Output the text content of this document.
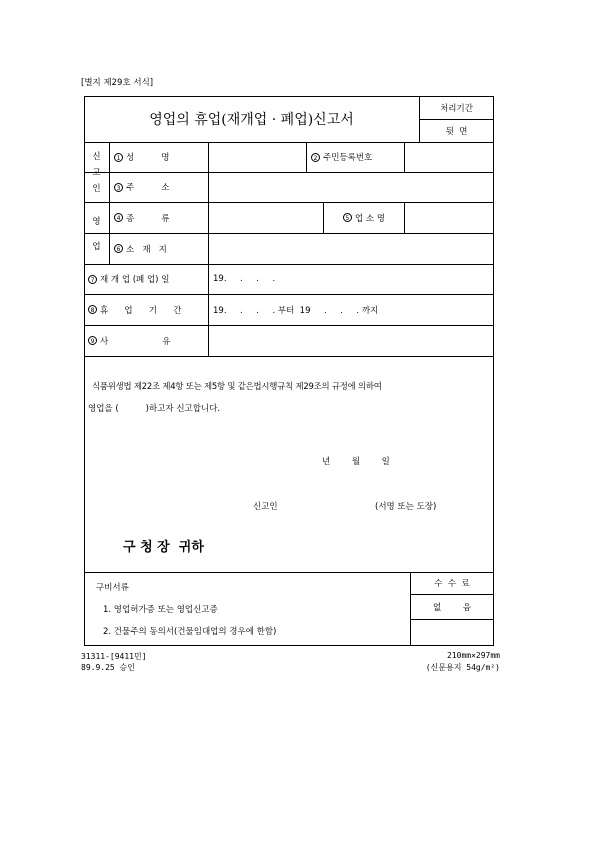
[별지 제29호 서식]
영업의 휴업(재개업 · 폐업)신고서
처리기간
뒷  면
신
고
인
영
업
1 성          명	2 주민등록번호
3 주          소
4 종          류	5 업 소 명
6 소   재   지
7 재 개 업 (폐 업) 일	19.     .     .     .
8 휴      업      기      간	19.     .     .     . 부터  19     .     .     . 까지
9 사                    유
식품위생법 제22조 제4항 또는 제5항 및 같은법시행규칙 제29조의 규정에 의하여
영업을 (          )하고자 신고합니다.
년        월        일
신고인	(서명 또는 도장)
구 청 장  귀하
구비서류
1. 영업허가증 또는 영업신고증
2. 건물주의 동의서(건물임대업의 경우에 한함)
수  수  료
없        음
31311-[9411민]
89.9.25 승인
210mm×297mm
(신문용지 54g/m²)
